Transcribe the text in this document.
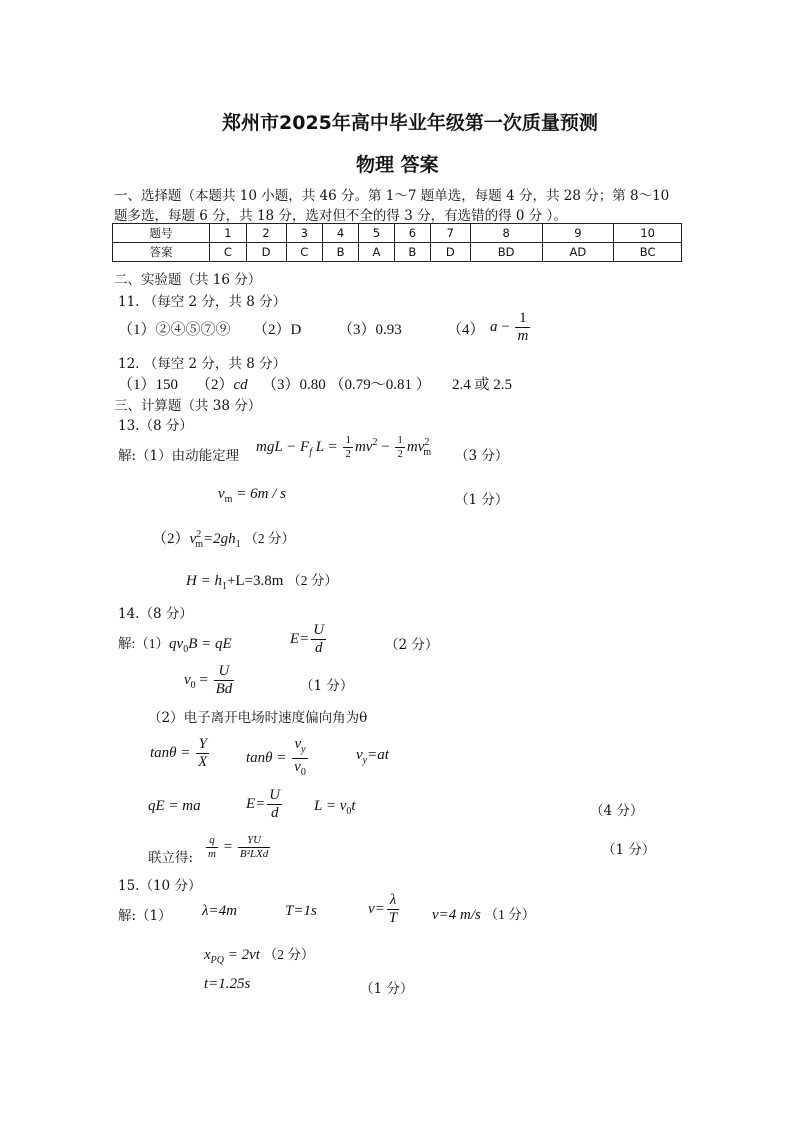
郑州市2025年高中毕业年级第一次质量预测
物理 答案
一、选择题（本题共 10 小题，共 46 分。第 1～7 题单选，每题 4 分，共 28 分；第 8～10
题多选，每题 6 分，共 18 分，选对但不全的得 3 分，有选错的得 0 分 ）。
题号	1	2	3	4	5	6	7	8	9	10
答案	C	D	C	B	A	B	D	BD	AD	BC
二、实验题（共 16 分）
11. （每空 2 分，共 8 分）
（1）②④⑤⑦⑨ （2）D （3）0.93	（4） $a - \frac{1}{m}$
12. （每空 2 分，共 8 分）
（1）150 （2）cd （3）0.80 （0.79～0.81 ） 2.4 或 2.5
三、计算题（共 38 分）
13.（8 分）
解:（1）由动能定理
mgL − $F_f$ $L = \frac{1}{2} mv^2 - \frac{1}{2} mv^2_m$ （3 分）
$v_m = 6m / s$	（1 分）
$(2)v^2_m=2gh_1$ （2 分）
$H = h_1+L=3.8m$ （2 分）
14.（8 分）
解$:(1)qv_0B$ = qE	$E= \frac{U}{d}$	（2 分）
$v_0 = \frac{U}{Bd}$	（1 分）
（2）电子离开电场时速度偏向角为θ
$\tan\theta = \frac{Y}{X}$ $\tan\theta = \frac{v_y}{v_0}$	$v_y=at$
qE = ma	$E= \frac{U}{d}$ $L = v_0t$	（4 分）
联立得: $\frac{q}{m} = \frac{YU}{\text{B²LXd}}$	（1 分）
15.（10 分）
解:（1） λ=4m	T=1s	$v= \frac{\lambda}{T} v=4$ m/s （1 分）
$x_{PQ} = 2vt$ （2 分）
t=1.25s	（1 分）
